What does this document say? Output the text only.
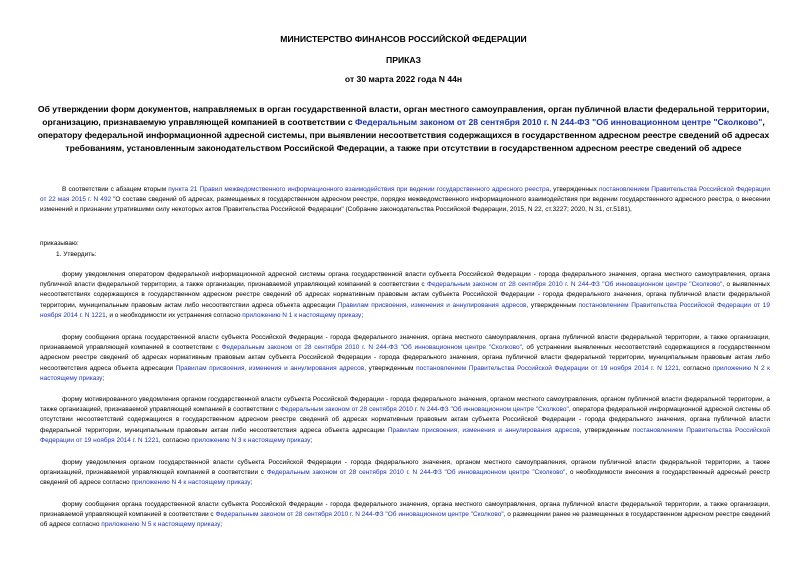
МИНИСТЕРСТВО ФИНАНСОВ РОССИЙСКОЙ ФЕДЕРАЦИИ
ПРИКАЗ
от 30 марта 2022 года N 44н
Об утверждении форм документов, направляемых в орган государственной власти, орган местного самоуправления, орган публичной власти федеральной территории, организацию, признаваемую управляющей компанией в соответствии с Федеральным законом от 28 сентября 2010 г. N 244-ФЗ "Об инновационном центре "Сколково", оператору федеральной информационной адресной системы, при выявлении несоответствия содержащихся в государственном адресном реестре сведений об адресах требованиям, установленным законодательством Российской Федерации, а также при отсутствии в государственном адресном реестре сведений об адресе
В соответствии с абзацем вторым пункта 21 Правил межведомственного информационного взаимодействия при ведении государственного адресного реестра, утвержденных постановлением Правительства Российской Федерации от 22 мая 2015 г. N 492 "О составе сведений об адресах, размещаемых в государственном адресном реестре, порядке межведомственного информационного взаимодействия при ведении государственного адресного реестра, о внесении изменений и признании утратившими силу некоторых актов Правительства Российской Федерации" (Собрание законодательства Российской Федерации, 2015, N 22, ст.3227; 2020, N 31, ст.5181),
приказываю:
1. Утвердить:
форму уведомления оператором федеральной информационной адресной системы органа государственной власти субъекта Российской Федерации - города федерального значения, органа местного самоуправления, органа публичной власти федеральной территории, а также организации, признаваемой управляющей компанией в соответствии с Федеральным законом от 28 сентября 2010 г. N 244-ФЗ "Об инновационном центре "Сколково", о выявленных несоответствиях содержащихся в государственном адресном реестре сведений об адресах нормативным правовым актам субъекта Российской Федерации - города федерального значения, органа публичной власти федеральной территории, муниципальным правовым актам либо несоответствии адреса объекта адресации Правилам присвоения, изменения и аннулирования адресов, утвержденным постановлением Правительства Российской Федерации от 19 ноября 2014 г. N 1221, и о необходимости их устранения согласно приложению N 1 к настоящему приказу;
форму сообщения органа государственной власти субъекта Российской Федерации - города федерального значения, органа местного самоуправления, органа публичной власти федеральной территории, а также организации, признаваемой управляющей компанией в соответствии с Федеральным законом от 28 сентября 2010 г. N 244-ФЗ "Об инновационном центре "Сколково", об устранении выявленных несоответствий содержащихся в государственном адресном реестре сведений об адресах нормативным правовым актам субъекта Российской Федерации - города федерального значения, органа публичной власти федеральной территории, муниципальным правовым актам либо несоответствия адреса объекта адресации Правилам присвоения, изменения и аннулирования адресов, утвержденным постановлением Правительства Российской Федерации от 19 ноября 2014 г. N 1221, согласно приложению N 2 к настоящему приказу;
форму мотивированного уведомления органом государственной власти субъекта Российской Федерации - города федерального значения, органом местного самоуправления, органом публичной власти федеральной территории, а также организацией, признаваемой управляющей компанией в соответствии с Федеральным законом от 28 сентября 2010 г. N 244-ФЗ "Об инновационном центре "Сколково", оператора федеральной информационной адресной системы об отсутствии несоответствий содержащихся в государственном адресном реестре сведений об адресах нормативным правовым актам субъекта Российской Федерации - города федерального значения, органа публичной власти федеральной территории, муниципальным правовым актам либо несоответствия адреса объекта адресации Правилам присвоения, изменения и аннулирования адресов, утвержденным постановлением Правительства Российской Федерации от 19 ноября 2014 г. N 1221, согласно приложению N 3 к настоящему приказу;
форму уведомления органом государственной власти субъекта Российской Федерации - города федерального значения, органом местного самоуправления, органом публичной власти федеральной территории, а также организацией, признаваемой управляющей компанией в соответствии с Федеральным законом от 28 сентября 2010 г. N 244-ФЗ "Об инновационном центре "Сколково", о необходимости внесения в государственный адресный реестр сведений об адресе согласно приложению N 4 к настоящему приказу;
форму сообщения органа государственной власти субъекта Российской Федерации - города федерального значения, органа местного самоуправления, органа публичной власти федеральной территории, а также организации, признаваемой управляющей компанией в соответствии с Федеральным законом от 28 сентября 2010 г. N 244-ФЗ "Об инновационном центре "Сколково", о размещении ранее не размещенных в государственном адресном реестре сведений об адресе согласно приложению N 5 к настоящему приказу;
